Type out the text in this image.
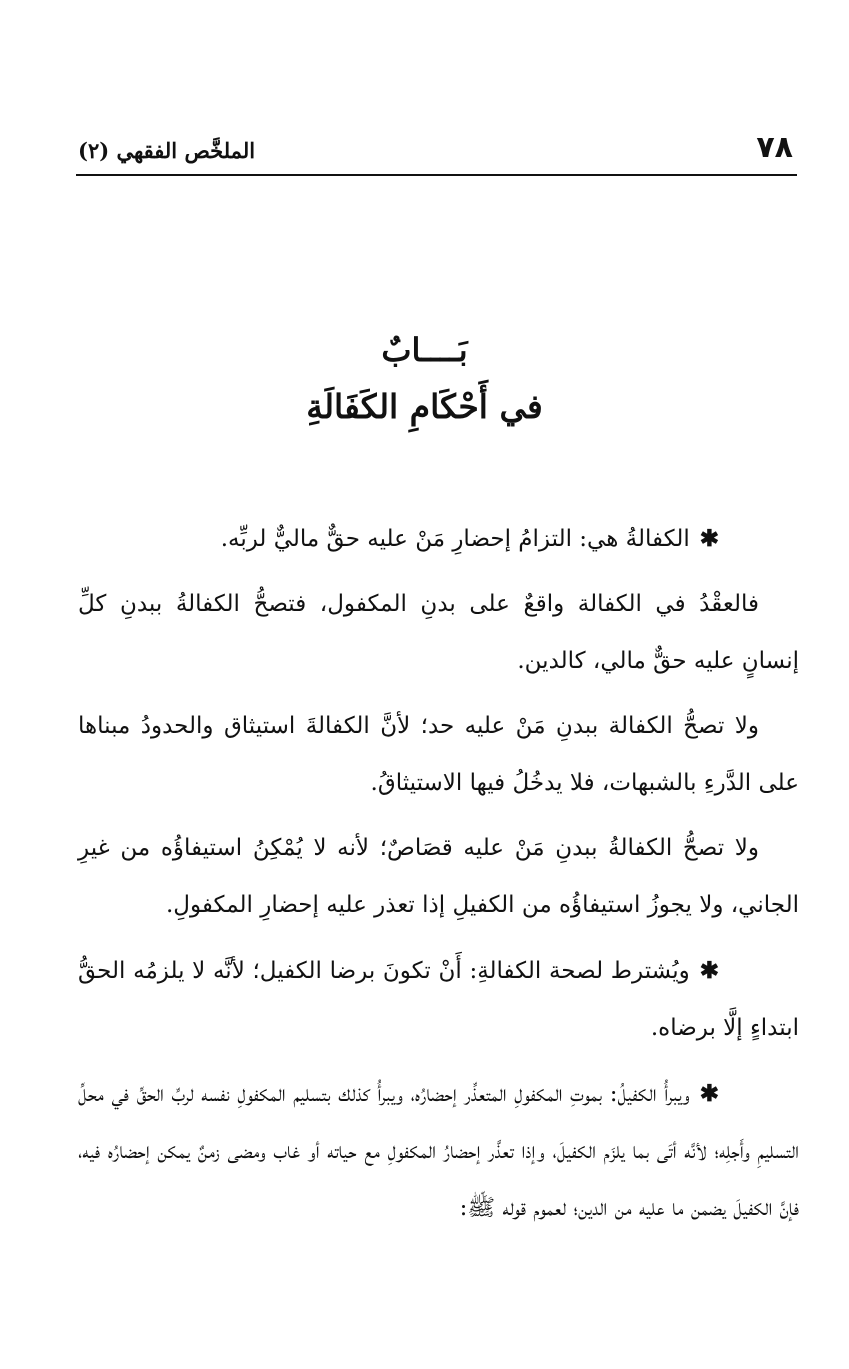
٧٨
الملخَّص الفقهي (٢)
بَــــابٌ
في أَحْكَامِ الكَفَالَةِ

✱الكفالةُ هي: التزامُ إحضارِ مَنْ عليه حقٌّ ماليٌّ لربِّه.

فالعقْدُ في الكفالة واقعٌ على بدنِ المكفول، فتصحُّ الكفالةُ ببدنِ كلِّ إنسانٍ عليه حقٌّ مالي، كالدين.

ولا تصحُّ الكفالة ببدنِ مَنْ عليه حد؛ لأنَّ الكفالةَ استيثاق والحدودُ مبناها على الدَّرءِ بالشبهات، فلا يدخُلُ فيها الاستيثاقُ.

ولا تصحُّ الكفالةُ ببدنِ مَنْ عليه قصَاصٌ؛ لأنه لا يُمْكِنُ استيفاؤُه من غيرِ الجاني، ولا يجوزُ استيفاؤُه من الكفيلِ إذا تعذر عليه إحضارِ المكفولِ.

✱ويُشترط لصحة الكفالةِ: أَنْ تكونَ برضا الكفيل؛ لأنَّه لا يلزمُه الحقُّ ابتداءٍ إلَّا برضاه.

✱ويبرأُ الكفيلُ: بموتِ المكفولِ المتعذِّر إحضارُه، ويبرأُ كذلك بتسليم المكفولِ نفسه لربِّ الحقِّ في محلِّ التسليمِ وأَجلِه؛ لأنَّه أتَى بما يلزَم الكفيلَ، وإذا تعذَّر إحضارُ المكفولِ مع حياته أو غاب ومضى زمنٌ يمكن إحضارُه فيه، فإنَّ الكفيلَ يضمن ما عليه من الدين؛ لعموم قوله ﷺ:
